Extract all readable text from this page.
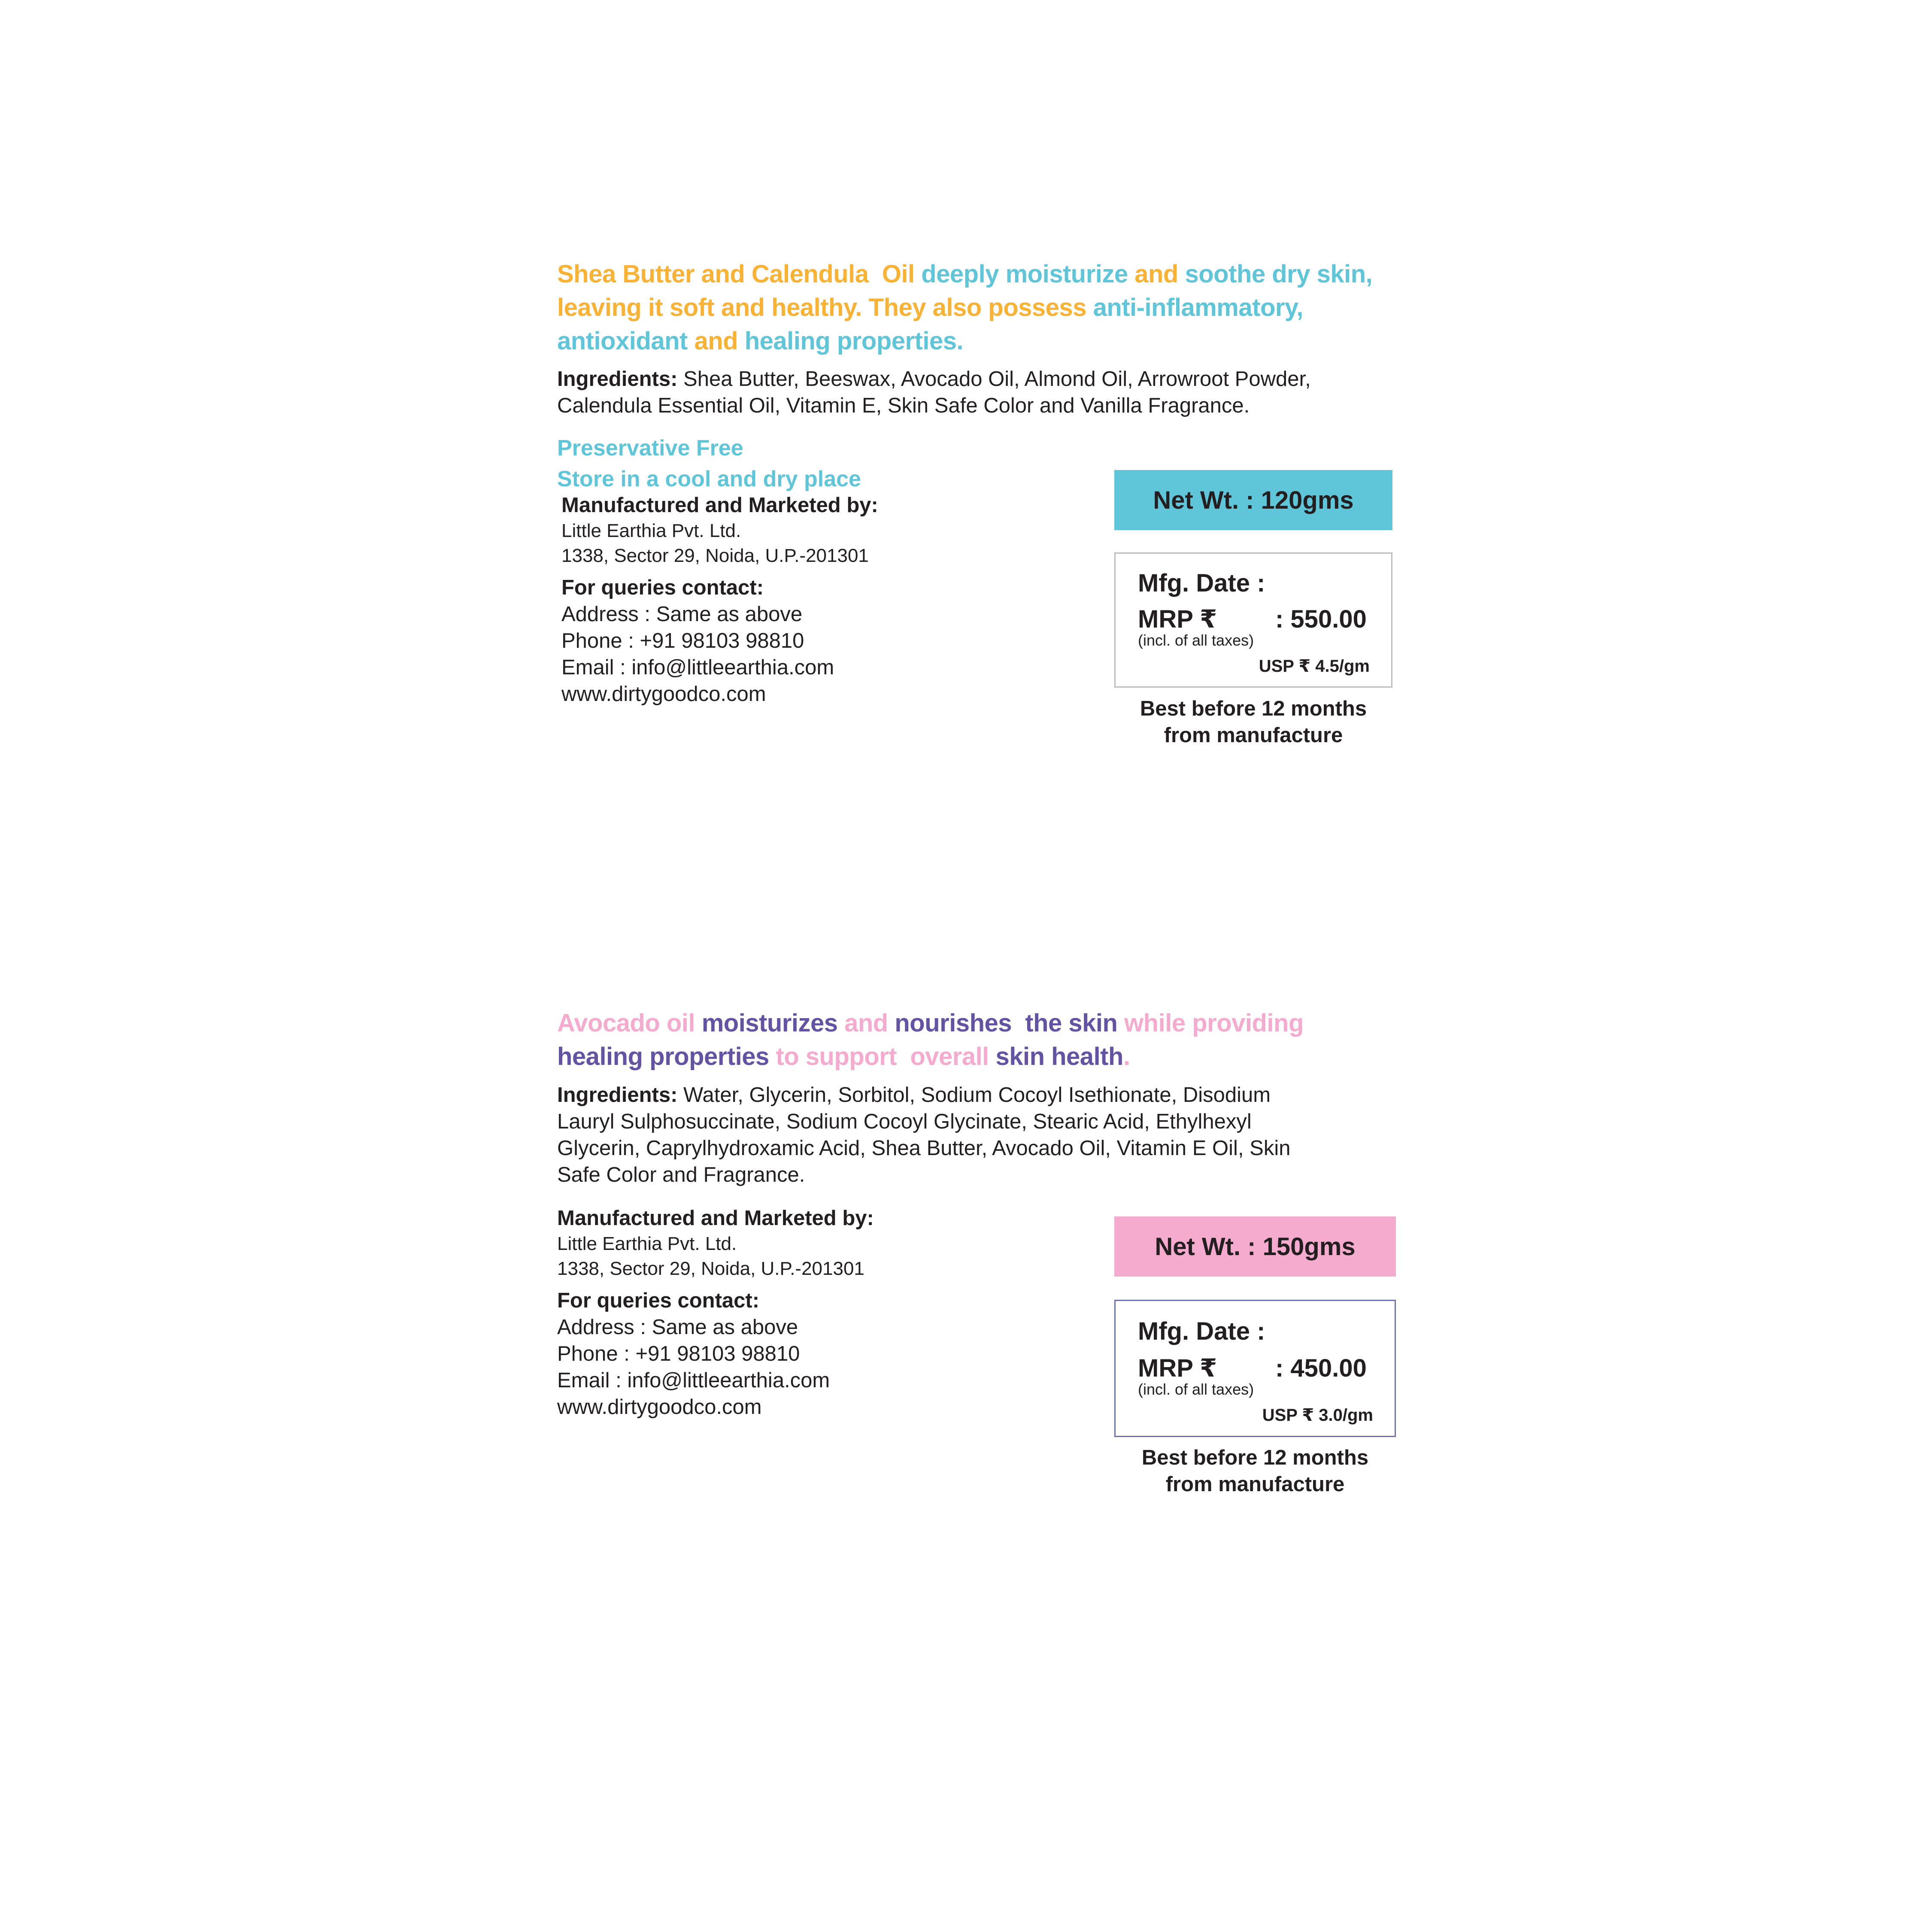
Shea Butter and Calendula  Oil deeply moisturize and soothe dry skin, leaving it soft and healthy. They also possess anti-inflammatory, antioxidant and healing properties.

Ingredients: Shea Butter, Beeswax, Avocado Oil, Almond Oil, Arrowroot Powder, Calendula Essential Oil, Vitamin E, Skin Safe Color and Vanilla Fragrance.

Preservative Free
Store in a cool and dry place
Manufactured and Marketed by:
Little Earthia Pvt. Ltd.
1338, Sector 29, Noida, U.P.-201301
For queries contact:
Address : Same as above
Phone : +91 98103 98810
Email : info@littleearthia.com
www.dirtygoodco.com
Net Wt. : 120gms
Mfg. Date :
MRP ₹ : 550.00
(incl. of all taxes)
USP ₹ 4.5/gm
Best before 12 months
from manufacture

Avocado oil moisturizes and nourishes  the skin while providing healing properties to support  overall skin health.

Ingredients: Water, Glycerin, Sorbitol, Sodium Cocoyl Isethionate, Disodium Lauryl Sulphosuccinate, Sodium Cocoyl Glycinate, Stearic Acid, Ethylhexyl Glycerin, Caprylhydroxamic Acid, Shea Butter, Avocado Oil, Vitamin E Oil, Skin Safe Color and Fragrance.

Manufactured and Marketed by:
Little Earthia Pvt. Ltd.
1338, Sector 29, Noida, U.P.-201301
For queries contact:
Address : Same as above
Phone : +91 98103 98810
Email : info@littleearthia.com
www.dirtygoodco.com
Net Wt. : 150gms
Mfg. Date :
MRP ₹ : 450.00
(incl. of all taxes)
USP ₹ 3.0/gm
Best before 12 months
from manufacture
